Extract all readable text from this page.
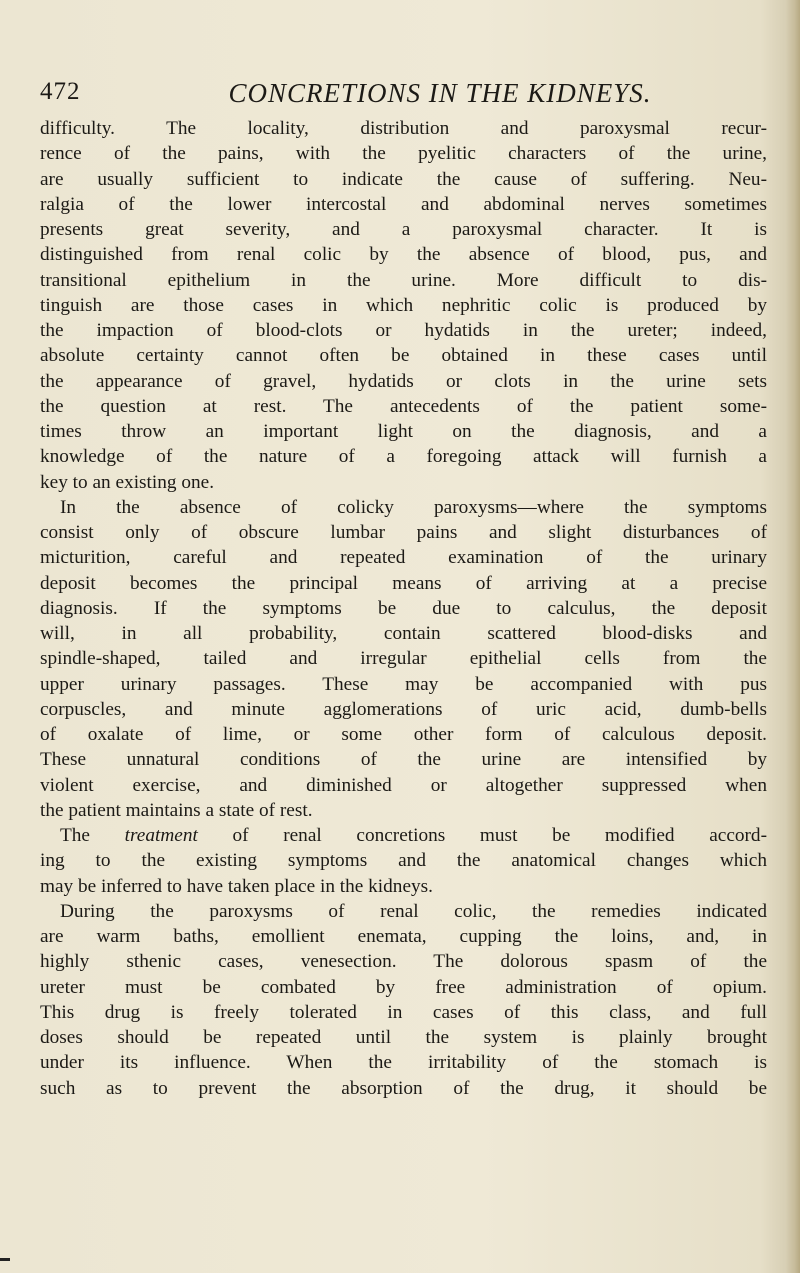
472	CONCRETIONS IN THE KIDNEYS.
difficulty. The locality, distribution and paroxysmal recur-
rence of the pains, with the pyelitic characters of the urine,
are usually sufficient to indicate the cause of suffering. Neu-
ralgia of the lower intercostal and abdominal nerves sometimes
presents great severity, and a paroxysmal character. It is
distinguished from renal colic by the absence of blood, pus, and
transitional epithelium in the urine. More difficult to dis-
tinguish are those cases in which nephritic colic is produced by
the impaction of blood-clots or hydatids in the ureter; indeed,
absolute certainty cannot often be obtained in these cases until
the appearance of gravel, hydatids or clots in the urine sets
the question at rest. The antecedents of the patient some-
times throw an important light on the diagnosis, and a
knowledge of the nature of a foregoing attack will furnish a
key to an existing one.
In the absence of colicky paroxysms—where the symptoms
consist only of obscure lumbar pains and slight disturbances of
micturition, careful and repeated examination of the urinary
deposit becomes the principal means of arriving at a precise
diagnosis. If the symptoms be due to calculus, the deposit
will, in all probability, contain scattered blood-disks and
spindle-shaped, tailed and irregular epithelial cells from the
upper urinary passages. These may be accompanied with pus
corpuscles, and minute agglomerations of uric acid, dumb-bells
of oxalate of lime, or some other form of calculous deposit.
These unnatural conditions of the urine are intensified by
violent exercise, and diminished or altogether suppressed when
the patient maintains a state of rest.
The treatment of renal concretions must be modified accord-
ing to the existing symptoms and the anatomical changes which
may be inferred to have taken place in the kidneys.
During the paroxysms of renal colic, the remedies indicated
are warm baths, emollient enemata, cupping the loins, and, in
highly sthenic cases, venesection. The dolorous spasm of the
ureter must be combated by free administration of opium.
This drug is freely tolerated in cases of this class, and full
doses should be repeated until the system is plainly brought
under its influence. When the irritability of the stomach is
such as to prevent the absorption of the drug, it should be
